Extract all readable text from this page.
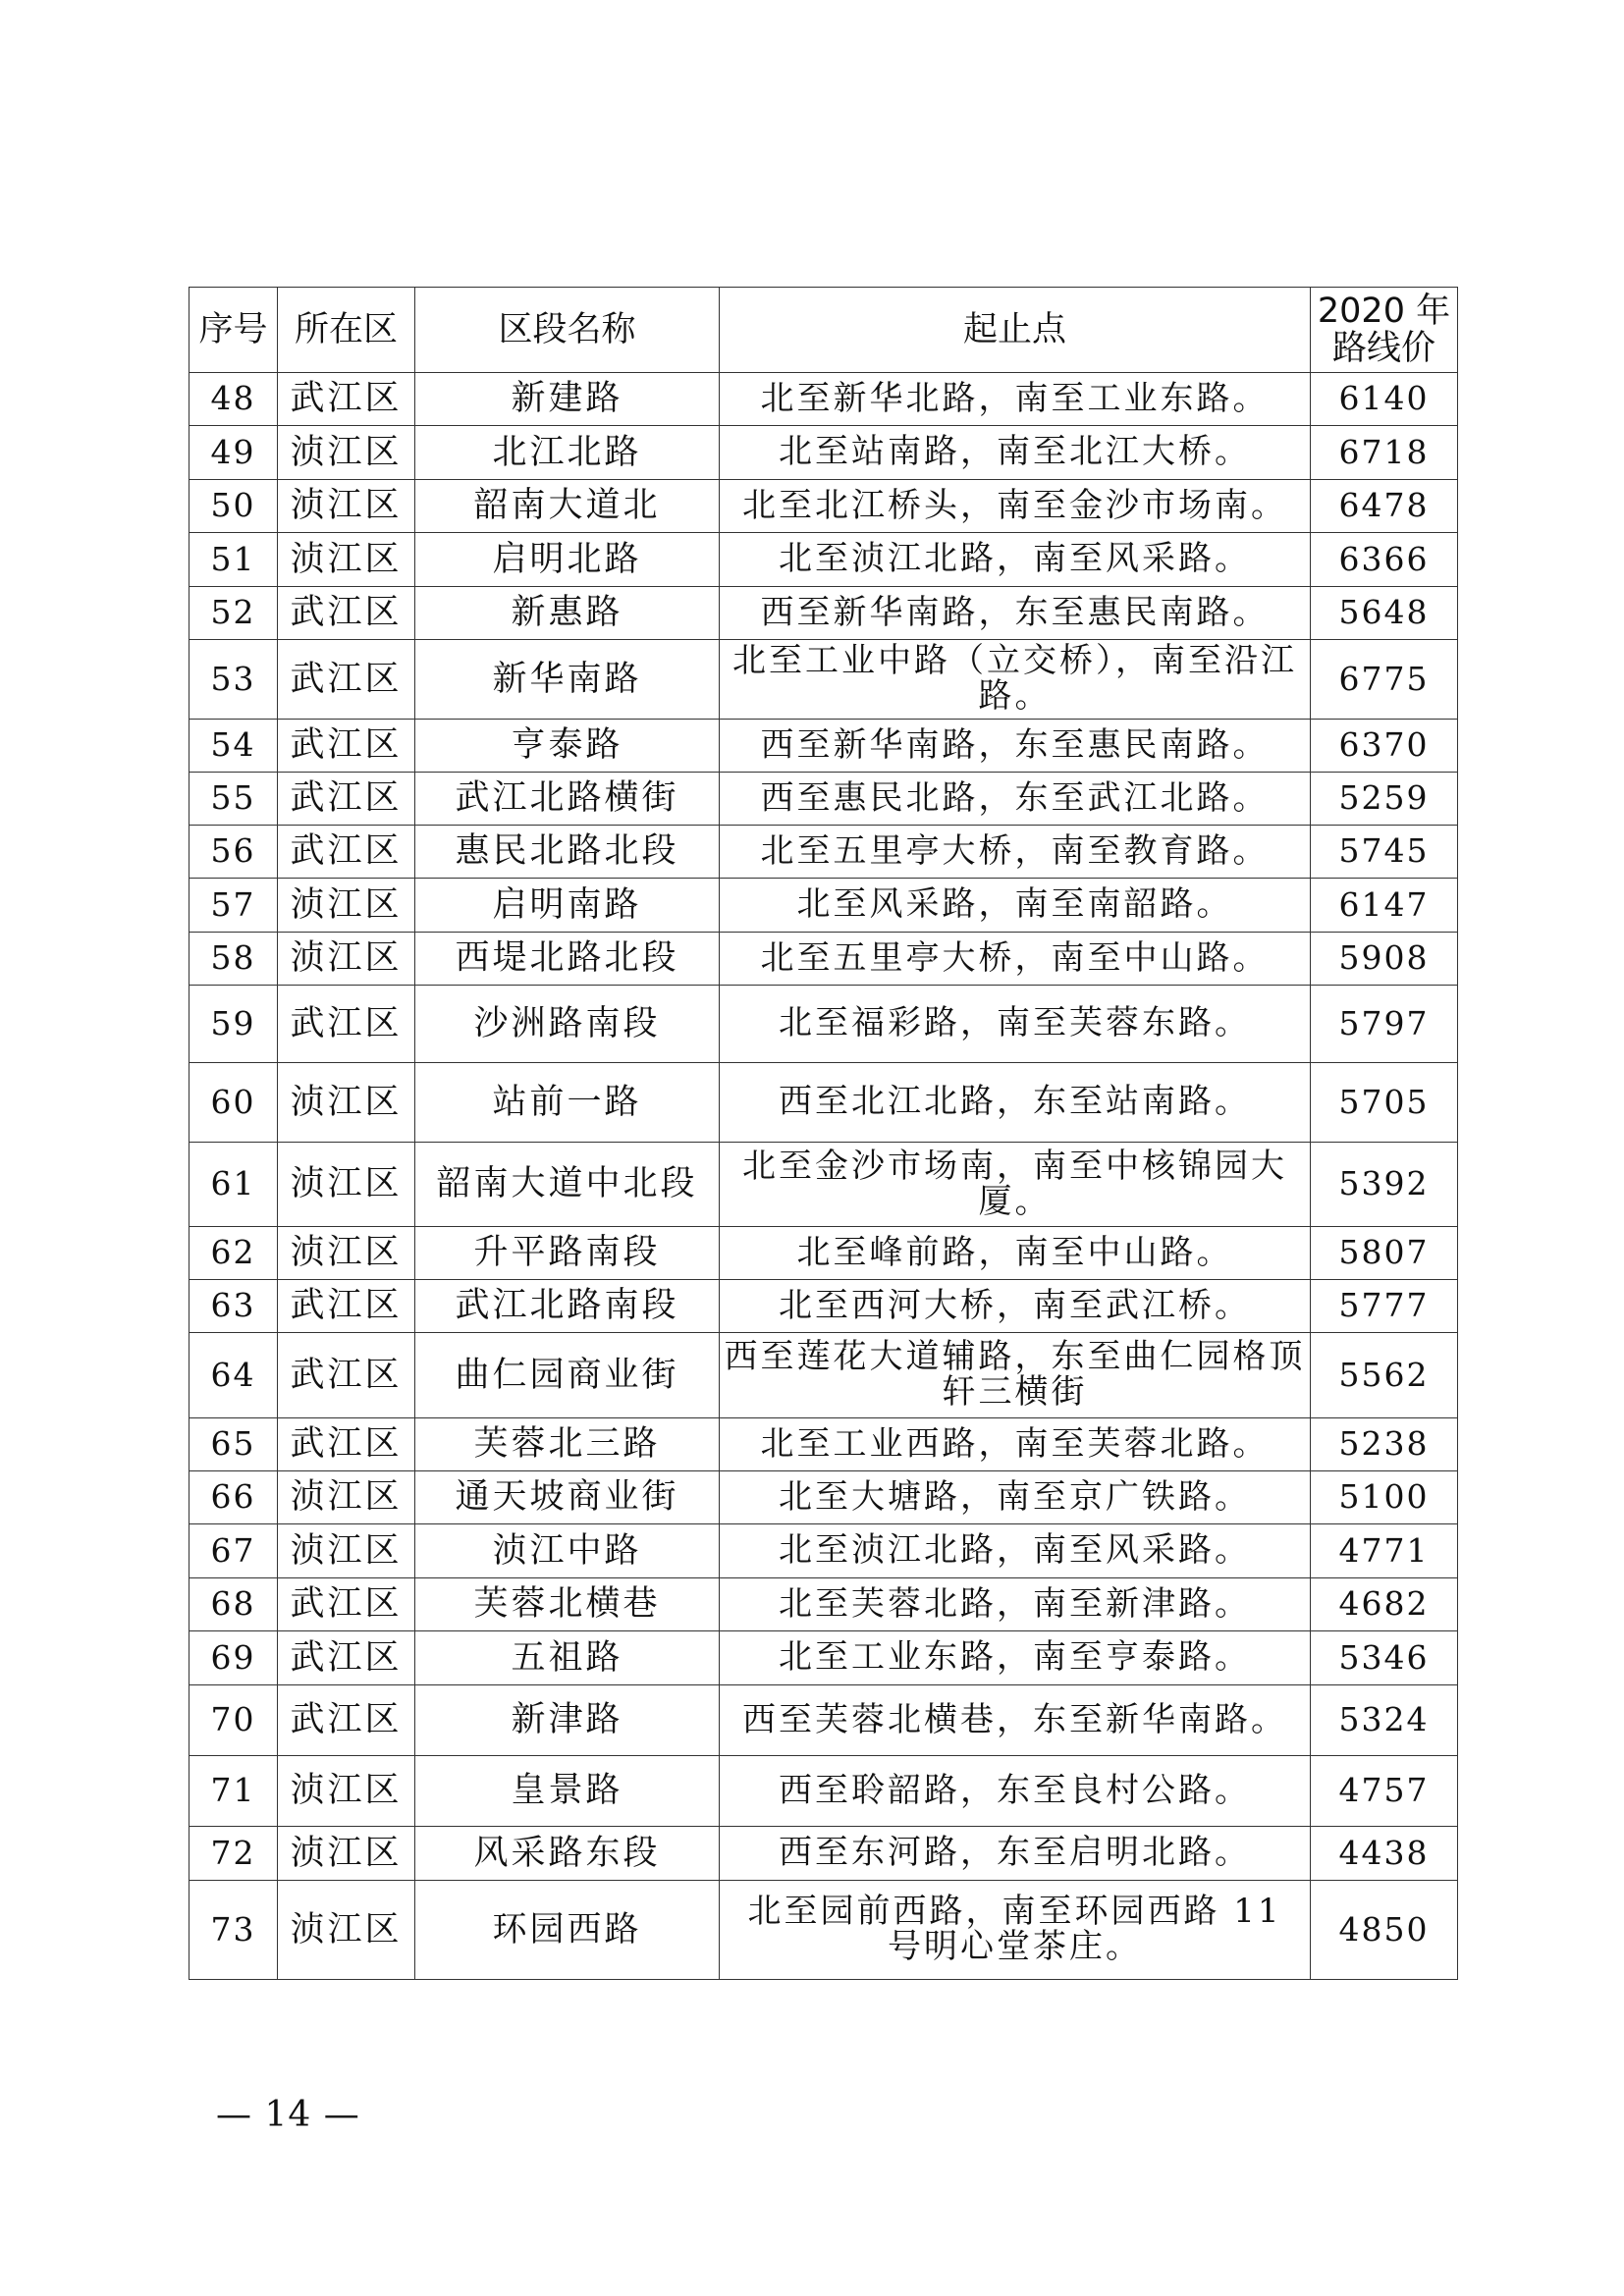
序号	所在区	区段名称	起止点	2020 年
路线价

48	武江区	新建路	北至新华北路，南至工业东路。	6140
49	浈江区	北江北路	北至站南路，南至北江大桥。	6718
50	浈江区	韶南大道北	北至北江桥头，南至金沙市场南。	6478
51	浈江区	启明北路	北至浈江北路，南至风采路。	6366
52	武江区	新惠路	西至新华南路，东至惠民南路。	5648
53	武江区	新华南路	北至工业中路（立交桥），南至沿江路。	6775
54	武江区	亨泰路	西至新华南路，东至惠民南路。	6370
55	武江区	武江北路横街	西至惠民北路，东至武江北路。	5259
56	武江区	惠民北路北段	北至五里亭大桥，南至教育路。	5745
57	浈江区	启明南路	北至风采路，南至南韶路。	6147
58	浈江区	西堤北路北段	北至五里亭大桥，南至中山路。	5908
59	武江区	沙洲路南段	北至福彩路，南至芙蓉东路。	5797
60	浈江区	站前一路	西至北江北路，东至站南路。	5705
61	浈江区	韶南大道中北段	北至金沙市场南，南至中核锦园大厦。	5392
62	浈江区	升平路南段	北至峰前路，南至中山路。	5807
63	武江区	武江北路南段	北至西河大桥，南至武江桥。	5777
64	武江区	曲仁园商业街	西至莲花大道辅路，东至曲仁园格顶轩三横街	5562
65	武江区	芙蓉北三路	北至工业西路，南至芙蓉北路。	5238
66	浈江区	通天坡商业街	北至大塘路，南至京广铁路。	5100
67	浈江区	浈江中路	北至浈江北路，南至风采路。	4771
68	武江区	芙蓉北横巷	北至芙蓉北路，南至新津路。	4682
69	武江区	五祖路	北至工业东路，南至亨泰路。	5346
70	武江区	新津路	西至芙蓉北横巷，东至新华南路。	5324
71	浈江区	皇景路	西至聆韶路，东至良村公路。	4757
72	浈江区	风采路东段	西至东河路，东至启明北路。	4438
73	浈江区	环园西路	北至园前西路，南至环园西路 11 号明心堂茶庄。	4850
— 14 —
